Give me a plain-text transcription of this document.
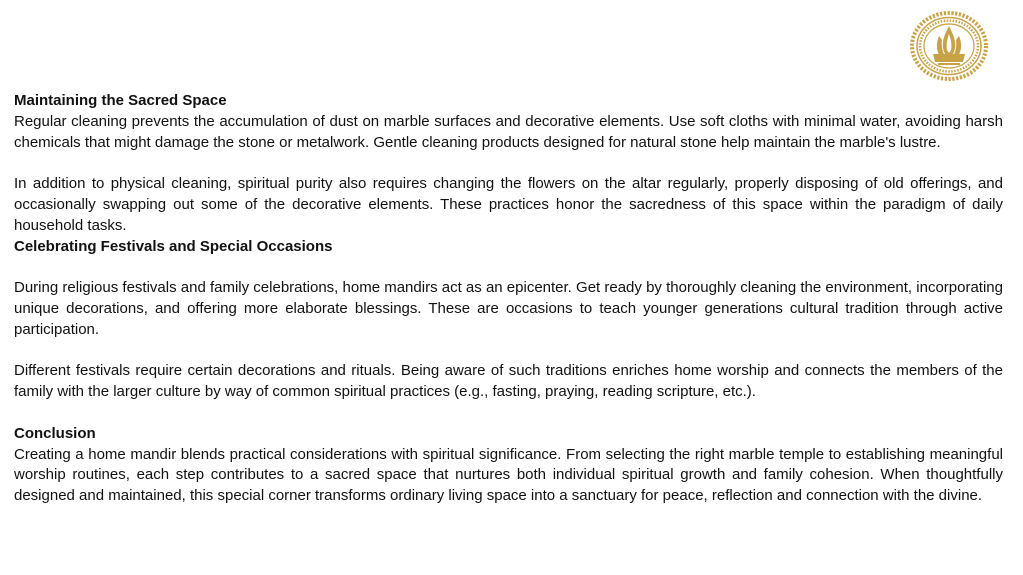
Maintaining the Sacred Space
Regular cleaning prevents the accumulation of dust on marble surfaces and decorative elements. Use soft cloths with minimal water, avoiding harsh chemicals that might damage the stone or metalwork. Gentle cleaning products designed for natural stone help maintain the marble's lustre.
In addition to physical cleaning, spiritual purity also requires changing the flowers on the altar regularly, properly disposing of old offerings, and occasionally swapping out some of the decorative elements. These practices honor the sacredness of this space within the paradigm of daily household tasks.
Celebrating Festivals and Special Occasions
During religious festivals and family celebrations, home mandirs act as an epicenter. Get ready by thoroughly cleaning the environment, incorporating unique decorations, and offering more elaborate blessings. These are occasions to teach younger generations cultural tradition through active participation.
Different festivals require certain decorations and rituals. Being aware of such traditions enriches home worship and connects the members of the family with the larger culture by way of common spiritual practices (e.g., fasting, praying, reading scripture, etc.).
Conclusion
Creating a home mandir blends practical considerations with spiritual significance. From selecting the right marble temple to establishing meaningful worship routines, each step contributes to a sacred space that nurtures both individual spiritual growth and family cohesion. When thoughtfully designed and maintained, this special corner transforms ordinary living space into a sanctuary for peace, reflection and connection with the divine.
